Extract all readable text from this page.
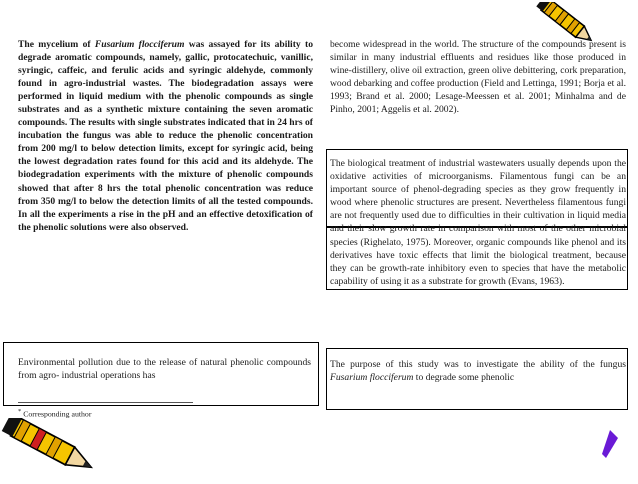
The mycelium of Fusarium flocciferum was assayed for its ability to degrade aromatic compounds, namely, gallic, protocatechuic, vanillic, syringic, caffeic, and ferulic acids and syringic aldehyde, commonly found in agro-industrial wastes. The biodegradation assays were performed in liquid medium with the phenolic compounds as single substrates and as a synthetic mixture containing the seven aromatic compounds. The results with single substrates indicated that in 24 hrs of incubation the fungus was able to reduce the phenolic concentration from 200 mg/l to below detection limits, except for syringic acid, being the lowest degradation rates found for this acid and its aldehyde. The biodegradation experiments with the mixture of phenolic compounds showed that after 8 hrs the total phenolic concentration was reduce from 350 mg/l to below the detection limits of all the tested compounds. In all the experiments a rise in the pH and an effective detoxification of the phenolic solutions were also observed.
Environmental pollution due to the release of natural phenolic compounds from agro- industrial operations has
* Corresponding author
become widespread in the world. The structure of the compounds present is similar in many industrial effluents and residues like those produced in wine-distillery, olive oil extraction, green olive debittering, cork preparation, wood debarking and coffee production (Field and Lettinga, 1991; Borja et al. 1993; Brand et al. 2000; Lesage-Meessen et al. 2001; Minhalma and de Pinho, 2001; Aggelis et al. 2002).
The biological treatment of industrial wastewaters usually depends upon the oxidative activities of microorganisms. Filamentous fungi can be an important source of phenol-degrading species as they grow frequently in wood where phenolic structures are present. Nevertheless filamentous fungi are not frequently used due to difficulties in their cultivation in liquid media and their slow growth rate in comparison with most of the other microbial species (Righelato, 1975). Moreover, organic compounds like phenol and its derivatives have toxic effects that limit the biological treatment, because they can be growth-rate inhibitory even to species that have the metabolic capability of using it as a substrate for growth (Evans, 1963).
The purpose of this study was to investigate the ability of the fungus Fusarium flocciferum to degrade some phenolic
